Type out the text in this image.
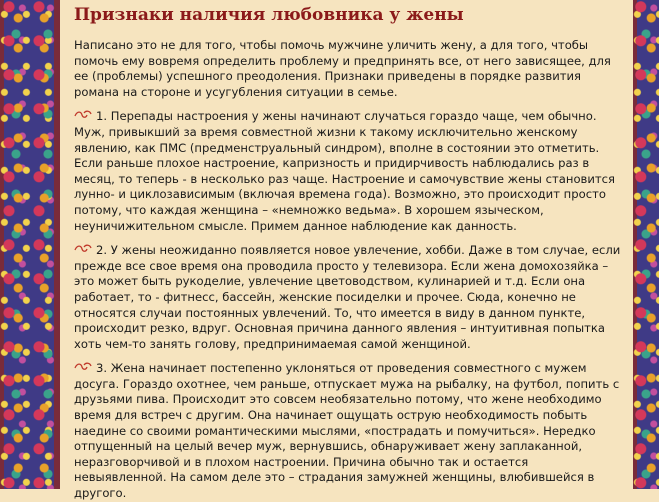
Признаки наличия любовника у жены

Написано это не для того, чтобы помочь мужчине уличить жену, а для того, чтобы помочь ему вовремя определить проблему и предпринять все, от него зависящее, для ее (проблемы) успешного преодоления. Признаки приведены в порядке развития романа на стороне и усугубления ситуации в семье.

1. Перепады настроения у жены начинают случаться гораздо чаще, чем обычно. Муж, привыкший за время совместной жизни к такому исключительно женскому явлению, как ПМС (предменструальный синдром), вполне в состоянии это отметить. Если раньше плохое настроение, капризность и придирчивость наблюдались раз в месяц, то теперь - в несколько раз чаще. Настроение и самочувствие жены становится лунно- и циклозависимым (включая времена года). Возможно, это происходит просто потому, что каждая женщина – «немножко ведьма». В хорошем языческом, неуничижительном смысле. Примем данное наблюдение как данность.

2. У жены неожиданно появляется новое увлечение, хобби. Даже в том случае, если прежде все свое время она проводила просто у телевизора. Если жена домохозяйка – это может быть рукоделие, увлечение цветоводством, кулинарией и т.д. Если она работает, то - фитнесс, бассейн, женские посиделки и прочее. Сюда, конечно не относятся случаи постоянных увлечений. То, что имеется в виду в данном пункте, происходит резко, вдруг. Основная причина данного явления – интуитивная попытка хоть чем-то занять голову, предпринимаемая самой женщиной.

3. Жена начинает постепенно уклоняться от проведения совместного с мужем досуга. Гораздо охотнее, чем раньше, отпускает мужа на рыбалку, на футбол, попить с друзьями пива. Происходит это совсем необязательно потому, что жене необходимо время для встреч с другим. Она начинает ощущать острую необходимость побыть наедине со своими романтическими мыслями, «пострадать и помучиться». Нередко отпущенный на целый вечер муж, вернувшись, обнаруживает жену заплаканной, неразговорчивой и в плохом настроении. Причина обычно так и остается невыявленной. На самом деле это – страдания замужней женщины, влюбившейся в другого.
